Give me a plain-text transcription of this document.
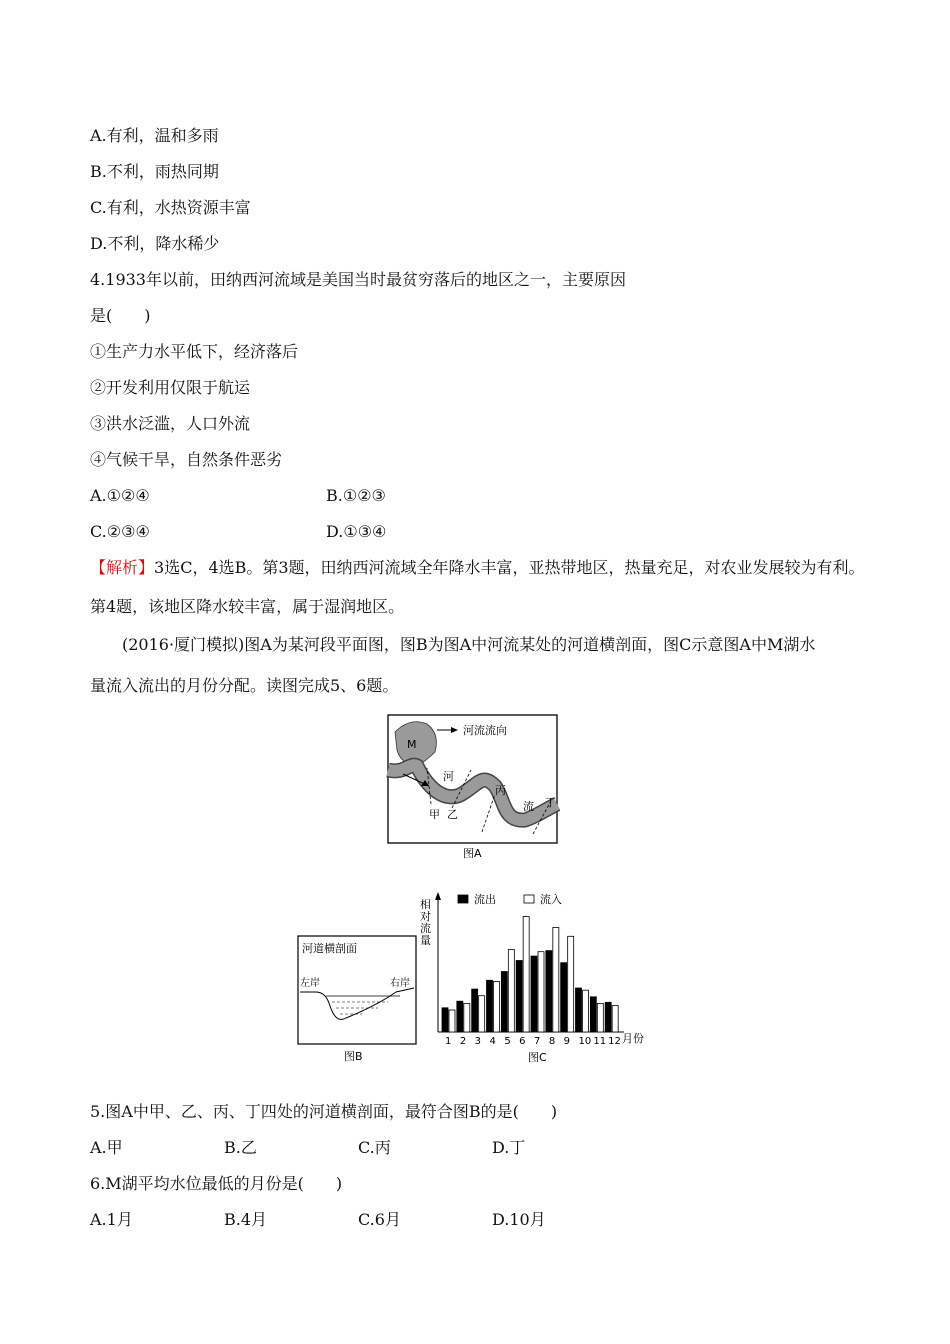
A.有利，温和多雨
B.不利，雨热同期
C.有利，水热资源丰富
D.不利，降水稀少
4.1933年以前，田纳西河流域是美国当时最贫穷落后的地区之一，主要原因
是(　　)
①生产力水平低下，经济落后
②开发利用仅限于航运
③洪水泛滥，人口外流
④气候干旱，自然条件恶劣
A.①②④	B.①②③
C.②③④	D.①③④
【解析】3选C，4选B。第3题，田纳西河流域全年降水丰富，亚热带地区，热量充足，对农业发展较为有利。
第4题，该地区降水较丰富，属于湿润地区。
(2016·厦门模拟)图A为某河段平面图，图B为图A中河流某处的河道横剖面，图C示意图A中M湖水
量流入流出的月份分配。读图完成5、6题。
河流流向
M
河
流
甲 乙
丙
丁
图A
河道横剖面
左岸	右岸
图B
1 2 3 4 5 6 7 8 9 10 11 12
相对流量
月份
图C
流出	流入
5.图A中甲、乙、丙、丁四处的河道横剖面，最符合图B的是(　　)
A.甲	B.乙	C.丙	D.丁
6.M湖平均水位最低的月份是(　　)
A.1月	B.4月	C.6月	D.10月
